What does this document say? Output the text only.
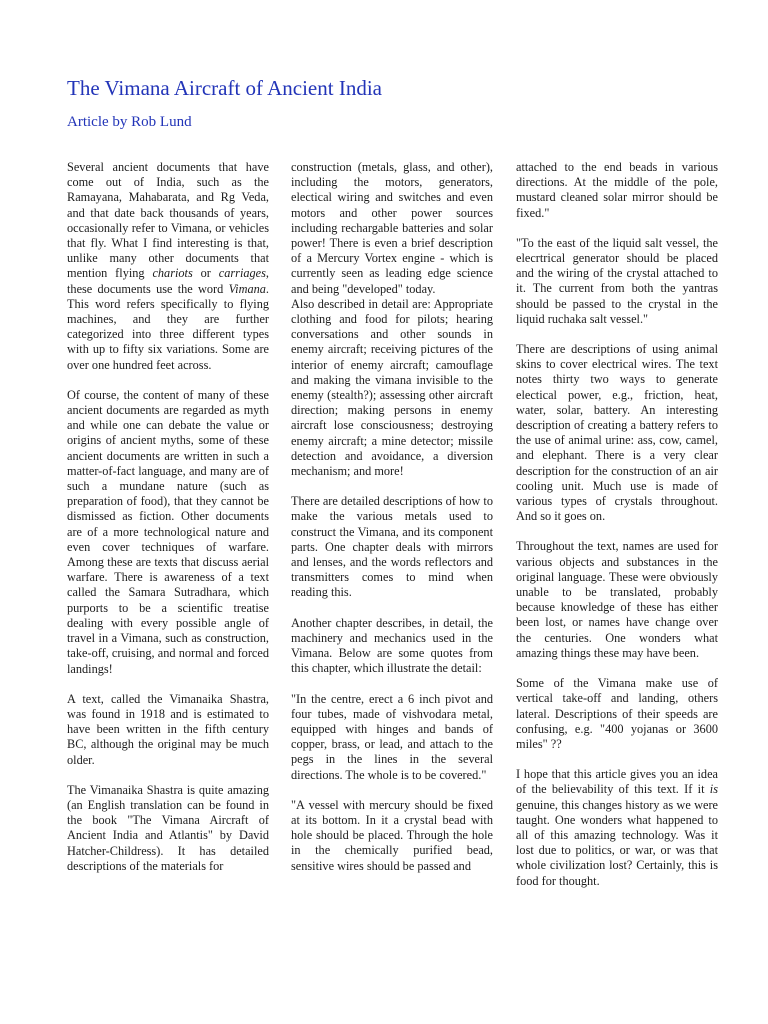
The Vimana Aircraft of Ancient India
Article by Rob Lund

Several ancient documents that have come out of India, such as the Ramayana, Mahabarata, and Rg Veda, and that date back thousands of years, occasionally refer to Vimana, or vehicles that fly. What I find interesting is that, unlike many other documents that mention flying chariots or carriages, these documents use the word Vimana. This word refers specifically to flying machines, and they are further categorized into three different types with up to fifty six variations. Some are over one hundred feet across.

Of course, the content of many of these ancient documents are regarded as myth and while one can debate the value or origins of ancient myths, some of these ancient documents are written in such a matter-of-fact language, and many are of such a mundane nature (such as preparation of food), that they cannot be dismissed as fiction. Other documents are of a more technological nature and even cover techniques of warfare. Among these are texts that discuss aerial warfare. There is awareness of a text called the Samara Sutradhara, which purports to be a scientific treatise dealing with every possible angle of travel in a Vimana, such as construction, take-off, cruising, and normal and forced landings!

A text, called the Vimanaika Shastra, was found in 1918 and is estimated to have been written in the fifth century BC, although the original may be much older.

The Vimanaika Shastra is quite amazing (an English translation can be found in the book "The Vimana Aircraft of Ancient India and Atlantis" by David Hatcher-Childress). It has detailed descriptions of the materials for

construction (metals, glass, and other), including the motors, generators, electical wiring and switches and even motors and other power sources including rechargable batteries and solar power! There is even a brief description of a Mercury Vortex engine - which is currently seen as leading edge science and being "developed" today.

Also described in detail are: Appropriate clothing and food for pilots; hearing conversations and other sounds in enemy aircraft; receiving pictures of the interior of enemy aircraft; camouflage and making the vimana invisible to the enemy (stealth?); assessing other aircraft direction; making persons in enemy aircraft lose consciousness; destroying enemy aircraft; a mine detector; missile detection and avoidance, a diversion mechanism; and more!

There are detailed descriptions of how to make the various metals used to construct the Vimana, and its component parts. One chapter deals with mirrors and lenses, and the words reflectors and transmitters comes to mind when reading this.

Another chapter describes, in detail, the machinery and mechanics used in the Vimana. Below are some quotes from this chapter, which illustrate the detail:

"In the centre, erect a 6 inch pivot and four tubes, made of vishvodara metal, equipped with hinges and bands of copper, brass, or lead, and attach to the pegs in the lines in the several directions. The whole is to be covered."

"A vessel with mercury should be fixed at its bottom. In it a crystal bead with hole should be placed. Through the hole in the chemically purified bead, sensitive wires should be passed and

attached to the end beads in various directions. At the middle of the pole, mustard cleaned solar mirror should be fixed."

"To the east of the liquid salt vessel, the elecrtrical generator should be placed and the wiring of the crystal attached to it. The current from both the yantras should be passed to the crystal in the liquid ruchaka salt vessel."

There are descriptions of using animal skins to cover electrical wires. The text notes thirty two ways to generate electical power, e.g., friction, heat, water, solar, battery. An interesting description of creating a battery refers to the use of animal urine: ass, cow, camel, and elephant. There is a very clear description for the construction of an air cooling unit. Much use is made of various types of crystals throughout. And so it goes on.

Throughout the text, names are used for various objects and substances in the original language. These were obviously unable to be translated, probably because knowledge of these has either been lost, or names have change over the centuries. One wonders what amazing things these may have been.

Some of the Vimana make use of vertical take-off and landing, others lateral. Descriptions of their speeds are confusing, e.g. "400 yojanas or 3600 miles" ??

I hope that this article gives you an idea of the believability of this text. If it is genuine, this changes history as we were taught. One wonders what happened to all of this amazing technology. Was it lost due to politics, or war, or was that whole civilization lost? Certainly, this is food for thought.
